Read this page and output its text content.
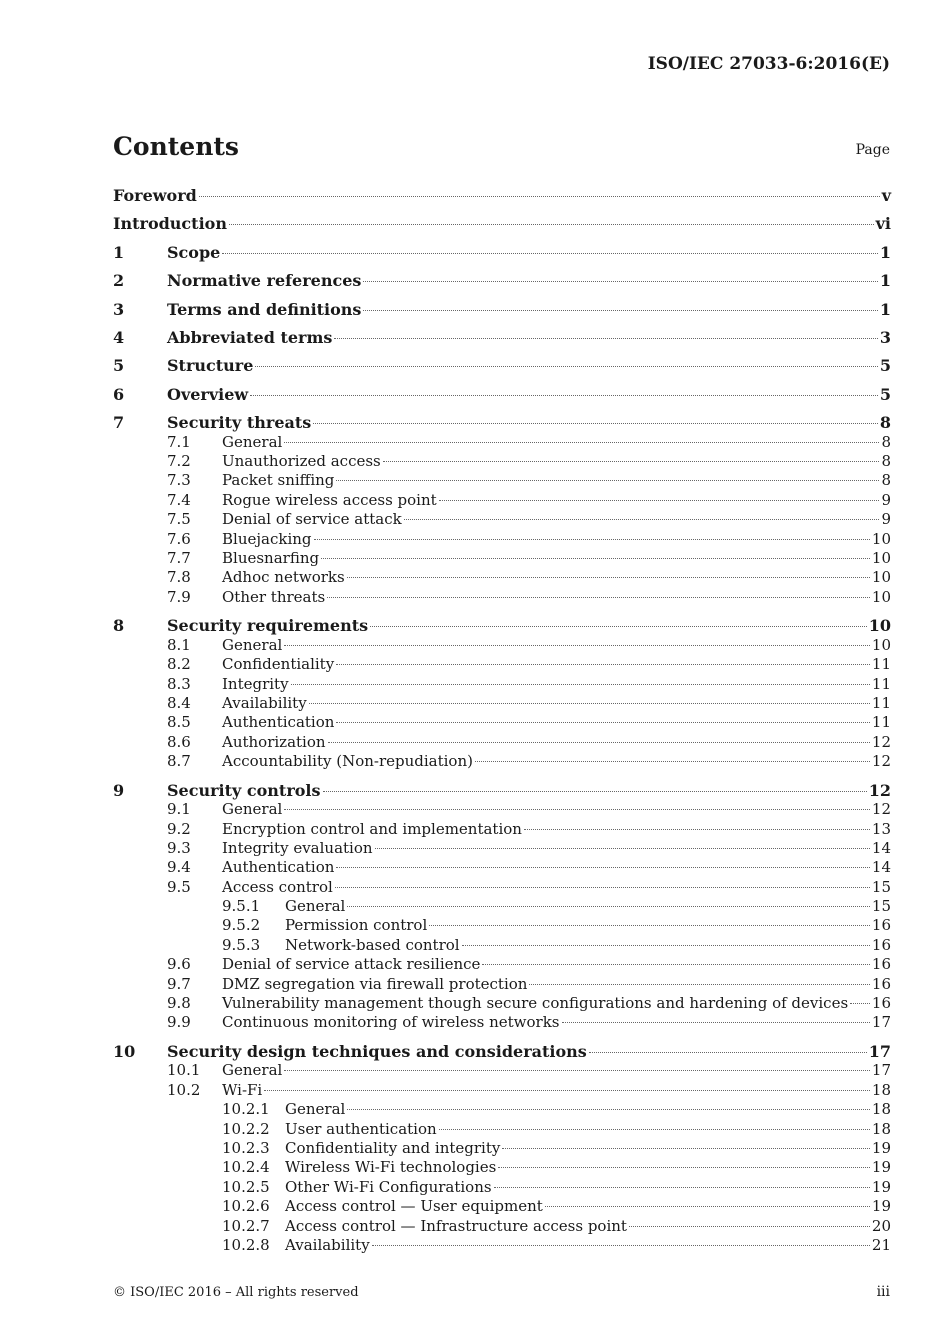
ISO/IEC 27033-6:2016(E)
Contents	Page
Foreword	v
Introduction	vi
1	Scope	1
2	Normative references	1
3	Terms and definitions	1
4	Abbreviated terms	3
5	Structure	5
6	Overview	5
7	Security threats	8
7.1	General	8
7.2	Unauthorized access	8
7.3	Packet sniffing	8
7.4	Rogue wireless access point	9
7.5	Denial of service attack	9
7.6	Bluejacking	10
7.7	Bluesnarfing	10
7.8	Adhoc networks	10
7.9	Other threats	10
8	Security requirements	10
8.1	General	10
8.2	Confidentiality	11
8.3	Integrity	11
8.4	Availability	11
8.5	Authentication	11
8.6	Authorization	12
8.7	Accountability (Non-repudiation)	12
9	Security controls	12
9.1	General	12
9.2	Encryption control and implementation	13
9.3	Integrity evaluation	14
9.4	Authentication	14
9.5	Access control	15
9.5.1	General	15
9.5.2	Permission control	16
9.5.3	Network-based control	16
9.6	Denial of service attack resilience	16
9.7	DMZ segregation via firewall protection	16
9.8	Vulnerability management though secure configurations and hardening of devices 16
9.9	Continuous monitoring of wireless networks	17
10	Security design techniques and considerations	17
10.1	General	17
10.2	Wi-Fi	18
10.2.1	General	18
10.2.2	User authentication	18
10.2.3	Confidentiality and integrity	19
10.2.4	Wireless Wi-Fi technologies	19
10.2.5	Other Wi-Fi Configurations	19
10.2.6	Access control — User equipment	19
10.2.7	Access control — Infrastructure access point	20
10.2.8	Availability	21
© ISO/IEC 2016 – All rights reserved	iii
